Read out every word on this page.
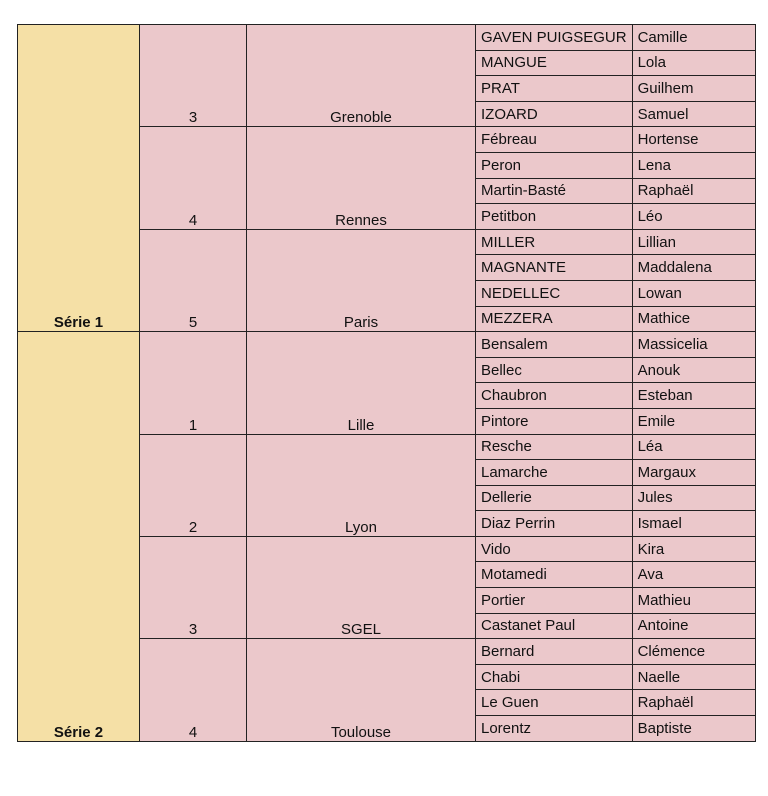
Série 1	3	Grenoble	GAVEN PUIGSEGUR	Camille
			MANGUE	Lola
			PRAT	Guilhem
			IZOARD	Samuel
	4	Rennes	Fébreau	Hortense
			Peron	Lena
			Martin-Basté	Raphaël
			Petitbon	Léo
	5	Paris	MILLER	Lillian
			MAGNANTE	Maddalena
			NEDELLEC	Lowan
			MEZZERA	Mathice
Série 2	1	Lille	Bensalem	Massicelia
			Bellec	Anouk
			Chaubron	Esteban
			Pintore	Emile
	2	Lyon	Resche	Léa
			Lamarche	Margaux
			Dellerie	Jules
			Diaz Perrin	Ismael
	3	SGEL	Vido	Kira
			Motamedi	Ava
			Portier	Mathieu
			Castanet Paul	Antoine
	4	Toulouse	Bernard	Clémence
			Chabi	Naelle
			Le Guen	Raphaël
			Lorentz	Baptiste
